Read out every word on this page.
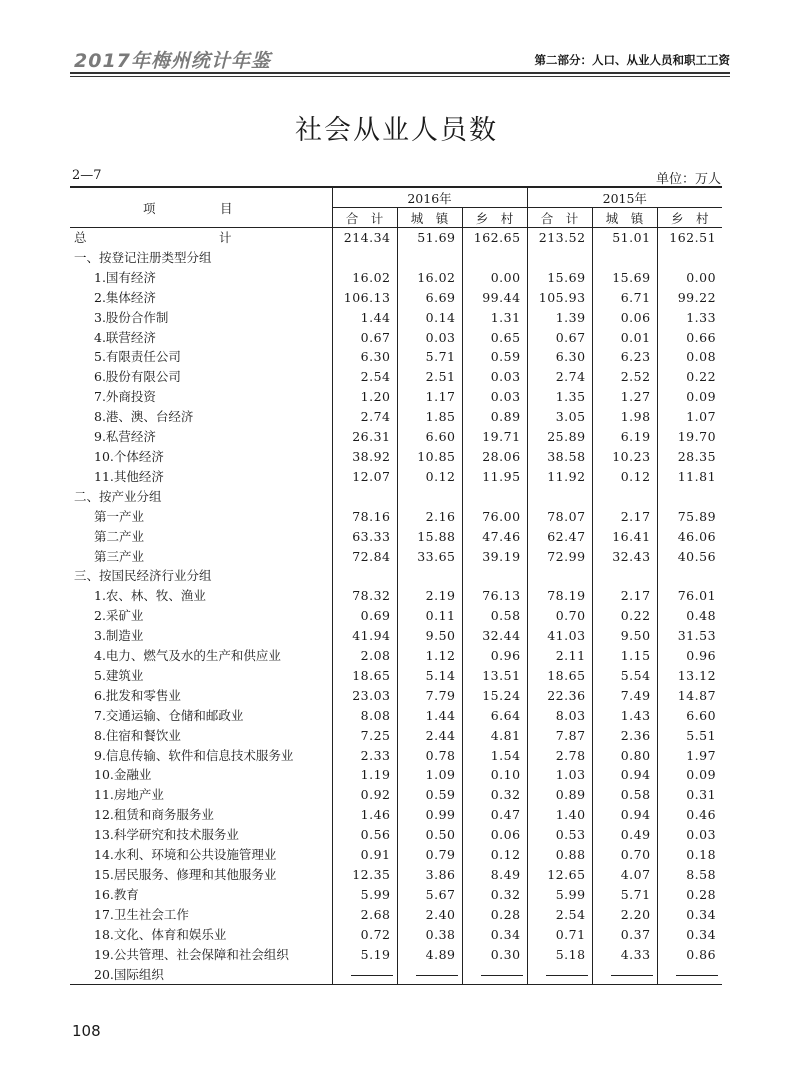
2017年梅州统计年鉴	第二部分：人口、从业人员和职工工资
社会从业人员数
2—7	单位：万人
项　目	2016年			2015年		
	合　计	城　镇	乡　村	合　计	城　镇	乡　村
总　计	214.34	51.69	162.65	213.52	51.01	162.51
一、按登记注册类型分组						
1.国有经济	16.02	16.02	0.00	15.69	15.69	0.00
2.集体经济	106.13	6.69	99.44	105.93	6.71	99.22
3.股份合作制	1.44	0.14	1.31	1.39	0.06	1.33
4.联营经济	0.67	0.03	0.65	0.67	0.01	0.66
5.有限责任公司	6.30	5.71	0.59	6.30	6.23	0.08
6.股份有限公司	2.54	2.51	0.03	2.74	2.52	0.22
7.外商投资	1.20	1.17	0.03	1.35	1.27	0.09
8.港、澳、台经济	2.74	1.85	0.89	3.05	1.98	1.07
9.私营经济	26.31	6.60	19.71	25.89	6.19	19.70
10.个体经济	38.92	10.85	28.06	38.58	10.23	28.35
11.其他经济	12.07	0.12	11.95	11.92	0.12	11.81
二、按产业分组						
第一产业	78.16	2.16	76.00	78.07	2.17	75.89
第二产业	63.33	15.88	47.46	62.47	16.41	46.06
第三产业	72.84	33.65	39.19	72.99	32.43	40.56
三、按国民经济行业分组						
1.农、林、牧、渔业	78.32	2.19	76.13	78.19	2.17	76.01
2.采矿业	0.69	0.11	0.58	0.70	0.22	0.48
3.制造业	41.94	9.50	32.44	41.03	9.50	31.53
4.电力、燃气及水的生产和供应业	2.08	1.12	0.96	2.11	1.15	0.96
5.建筑业	18.65	5.14	13.51	18.65	5.54	13.12
6.批发和零售业	23.03	7.79	15.24	22.36	7.49	14.87
7.交通运输、仓储和邮政业	8.08	1.44	6.64	8.03	1.43	6.60
8.住宿和餐饮业	7.25	2.44	4.81	7.87	2.36	5.51
9.信息传输、软件和信息技术服务业	2.33	0.78	1.54	2.78	0.80	1.97
10.金融业	1.19	1.09	0.10	1.03	0.94	0.09
11.房地产业	0.92	0.59	0.32	0.89	0.58	0.31
12.租赁和商务服务业	1.46	0.99	0.47	1.40	0.94	0.46
13.科学研究和技术服务业	0.56	0.50	0.06	0.53	0.49	0.03
14.水利、环境和公共设施管理业	0.91	0.79	0.12	0.88	0.70	0.18
15.居民服务、修理和其他服务业	12.35	3.86	8.49	12.65	4.07	8.58
16.教育	5.99	5.67	0.32	5.99	5.71	0.28
17.卫生社会工作	2.68	2.40	0.28	2.54	2.20	0.34
18.文化、体育和娱乐业	0.72	0.38	0.34	0.71	0.37	0.34
19.公共管理、社会保障和社会组织	5.19	4.89	0.30	5.18	4.33	0.86
20.国际组织						
108
